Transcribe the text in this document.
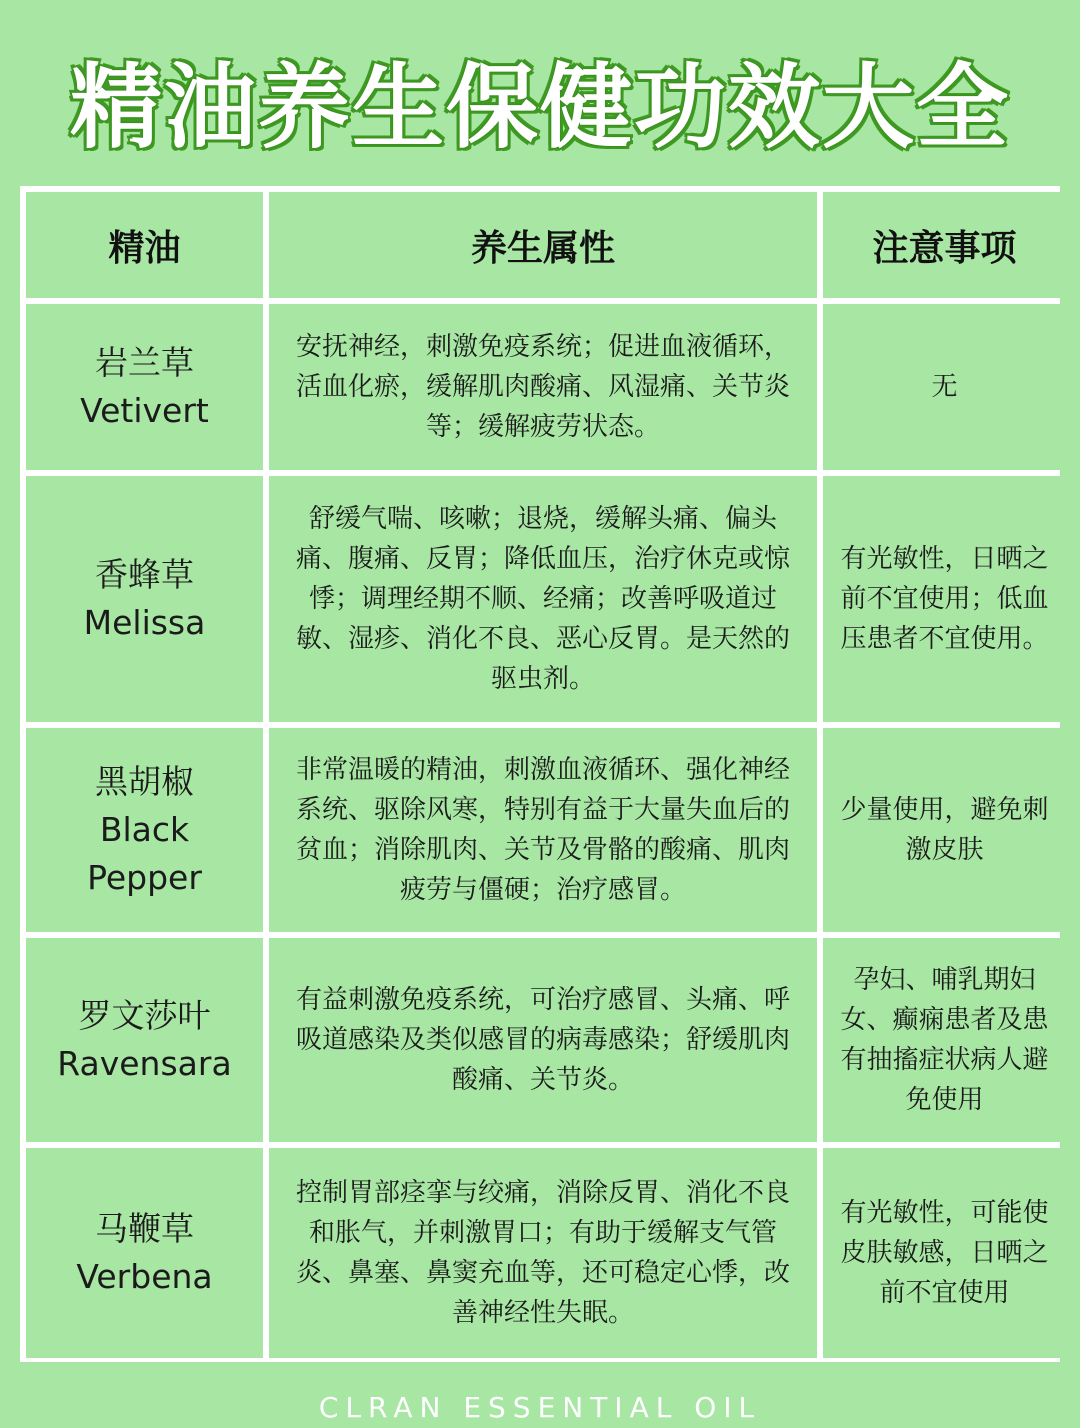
精油养生保健功效大全
精油	养生属性	注意事项
岩兰草
Vetivert
安抚神经，刺激免疫系统；促进血液循环，活血化瘀，缓解肌肉酸痛、风湿痛、关节炎等；缓解疲劳状态。
无
香蜂草
Melissa
舒缓气喘、咳嗽；退烧，缓解头痛、偏头痛、腹痛、反胃；降低血压，治疗休克或惊悸；调理经期不顺、经痛；改善呼吸道过敏、湿疹、消化不良、恶心反胃。是天然的驱虫剂。
有光敏性，日晒之前不宜使用；低血压患者不宜使用。
黑胡椒
Black Pepper
非常温暖的精油，刺激血液循环、强化神经系统、驱除风寒，特别有益于大量失血后的贫血；消除肌肉、关节及骨骼的酸痛、肌肉疲劳与僵硬；治疗感冒。
少量使用，避免刺激皮肤
罗文莎叶
Ravensara
有益刺激免疫系统，可治疗感冒、头痛、呼吸道感染及类似感冒的病毒感染；舒缓肌肉酸痛、关节炎。
孕妇、哺乳期妇女、癫痫患者及患有抽搐症状病人避免使用
马鞭草
Verbena
控制胃部痉挛与绞痛，消除反胃、消化不良和胀气，并刺激胃口；有助于缓解支气管炎、鼻塞、鼻窦充血等，还可稳定心悸，改善神经性失眠。
有光敏性，可能使皮肤敏感，日晒之前不宜使用
CLRAN ESSENTIAL OIL
